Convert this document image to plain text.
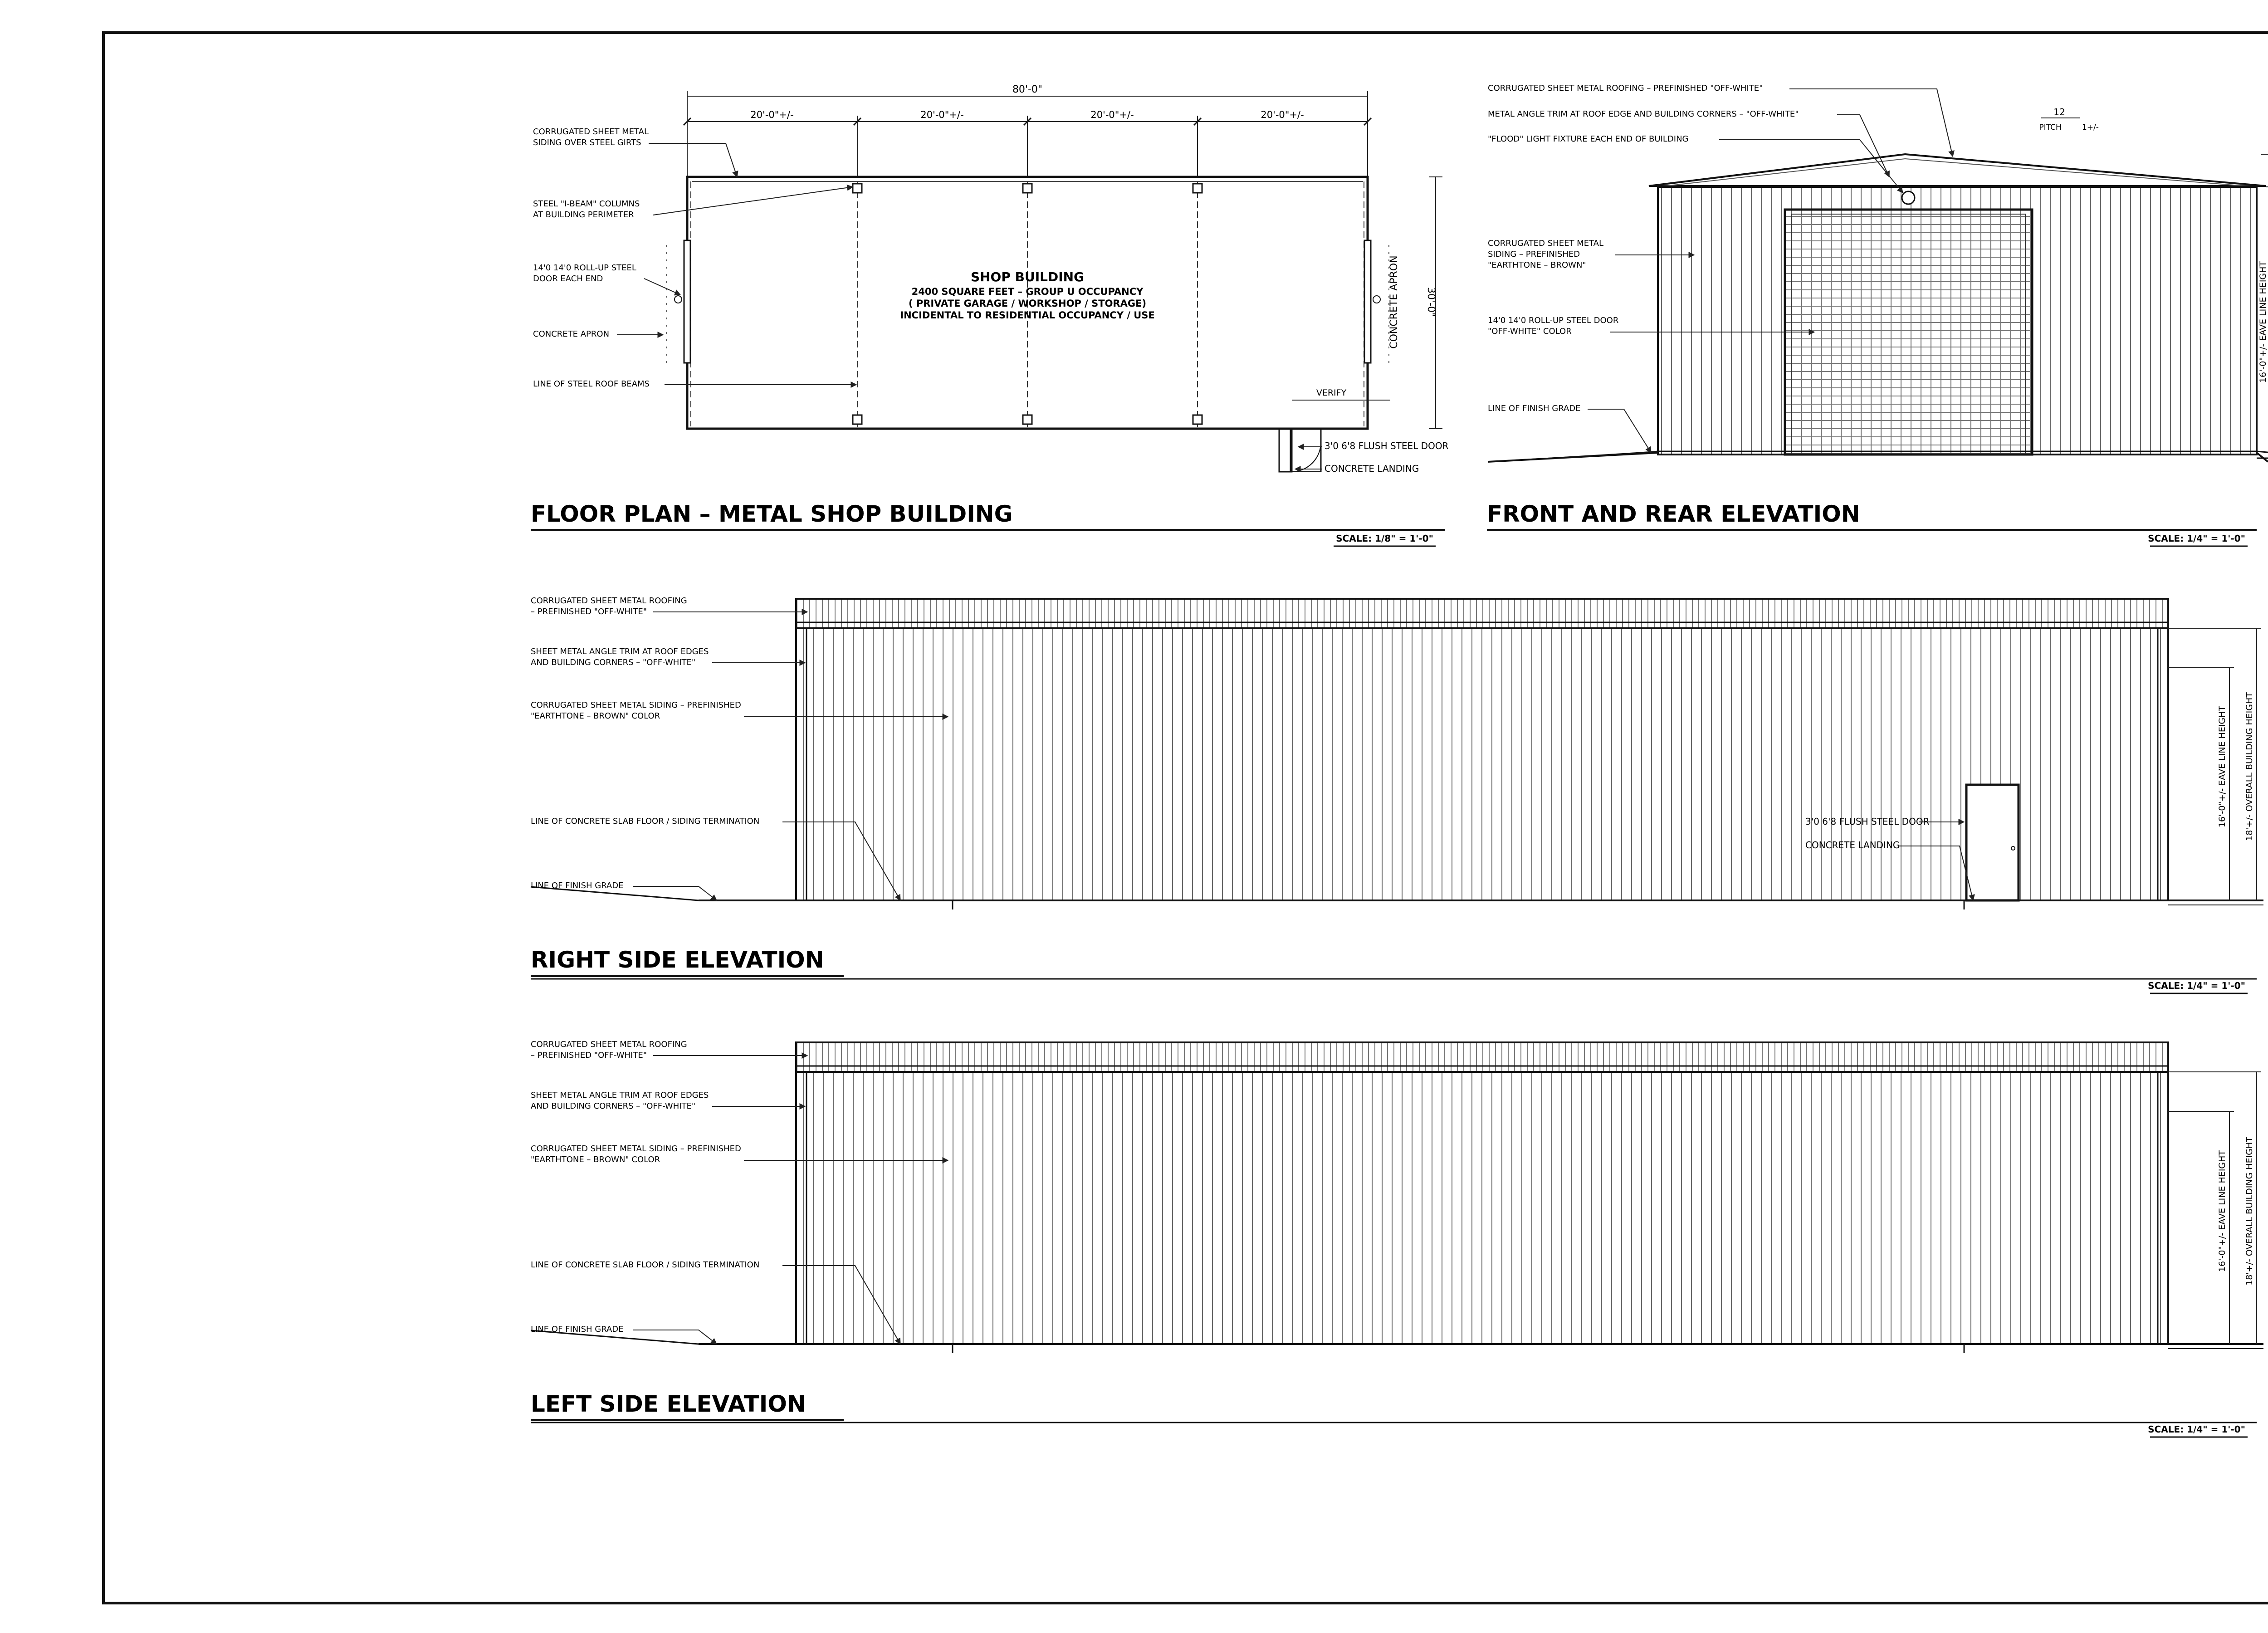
80'-0"
20'-0"+/-	20'-0"+/-	20'-0"+/-	20'-0"+/-
CONCRETE APRON	30'-0"
VERIFY
SHOP BUILDING
2400 SQUARE FEET – GROUP U OCCUPANCY
( PRIVATE GARAGE / WORKSHOP / STORAGE)
INCIDENTAL TO RESIDENTIAL OCCUPANCY / USE
CORRUGATED SHEET METAL
SIDING OVER STEEL GIRTS
STEEL "I-BEAM" COLUMNS
AT BUILDING PERIMETER
14'0 14'0 ROLL-UP STEEL
DOOR EACH END
CONCRETE APRON
LINE OF STEEL ROOF BEAMS
3'0 6'8 FLUSH STEEL DOOR
CONCRETE LANDING
FLOOR PLAN – METAL SHOP BUILDING
SCALE: 1/8" = 1'-0"
12
PITCH	1+/-
16'-0"+/- EAVE LINE HEIGHT
CORRUGATED SHEET METAL ROOFING – PREFINISHED "OFF-WHITE"
METAL ANGLE TRIM AT ROOF EDGE AND BUILDING CORNERS – "OFF-WHITE"
"FLOOD" LIGHT FIXTURE EACH END OF BUILDING
CORRUGATED SHEET METAL
SIDING – PREFINISHED
"EARTHTONE – BROWN"
14'0 14'0 ROLL-UP STEEL DOOR
"OFF-WHITE" COLOR
LINE OF FINISH GRADE
FRONT AND REAR ELEVATION
SCALE: 1/4" = 1'-0"
16'-0"+/- EAVE LINE HEIGHT 18'+/- OVERALL BUILDING HEIGHT
CORRUGATED SHEET METAL ROOFING
– PREFINISHED "OFF-WHITE"
SHEET METAL ANGLE TRIM AT ROOF EDGES
AND BUILDING CORNERS – "OFF-WHITE"
CORRUGATED SHEET METAL SIDING – PREFINISHED
"EARTHTONE – BROWN" COLOR
LINE OF CONCRETE SLAB FLOOR / SIDING TERMINATION
LINE OF FINISH GRADE
3'0 6'8 FLUSH STEEL DOOR
CONCRETE LANDING
RIGHT SIDE ELEVATION
SCALE: 1/4" = 1'-0"
16'-0"+/- EAVE LINE HEIGHT 18'+/- OVERALL BUILDING HEIGHT
CORRUGATED SHEET METAL ROOFING
– PREFINISHED "OFF-WHITE"
SHEET METAL ANGLE TRIM AT ROOF EDGES
AND BUILDING CORNERS – "OFF-WHITE"
CORRUGATED SHEET METAL SIDING – PREFINISHED
"EARTHTONE – BROWN" COLOR
LINE OF CONCRETE SLAB FLOOR / SIDING TERMINATION
LINE OF FINISH GRADE
LEFT SIDE ELEVATION
SCALE: 1/4" = 1'-0"
